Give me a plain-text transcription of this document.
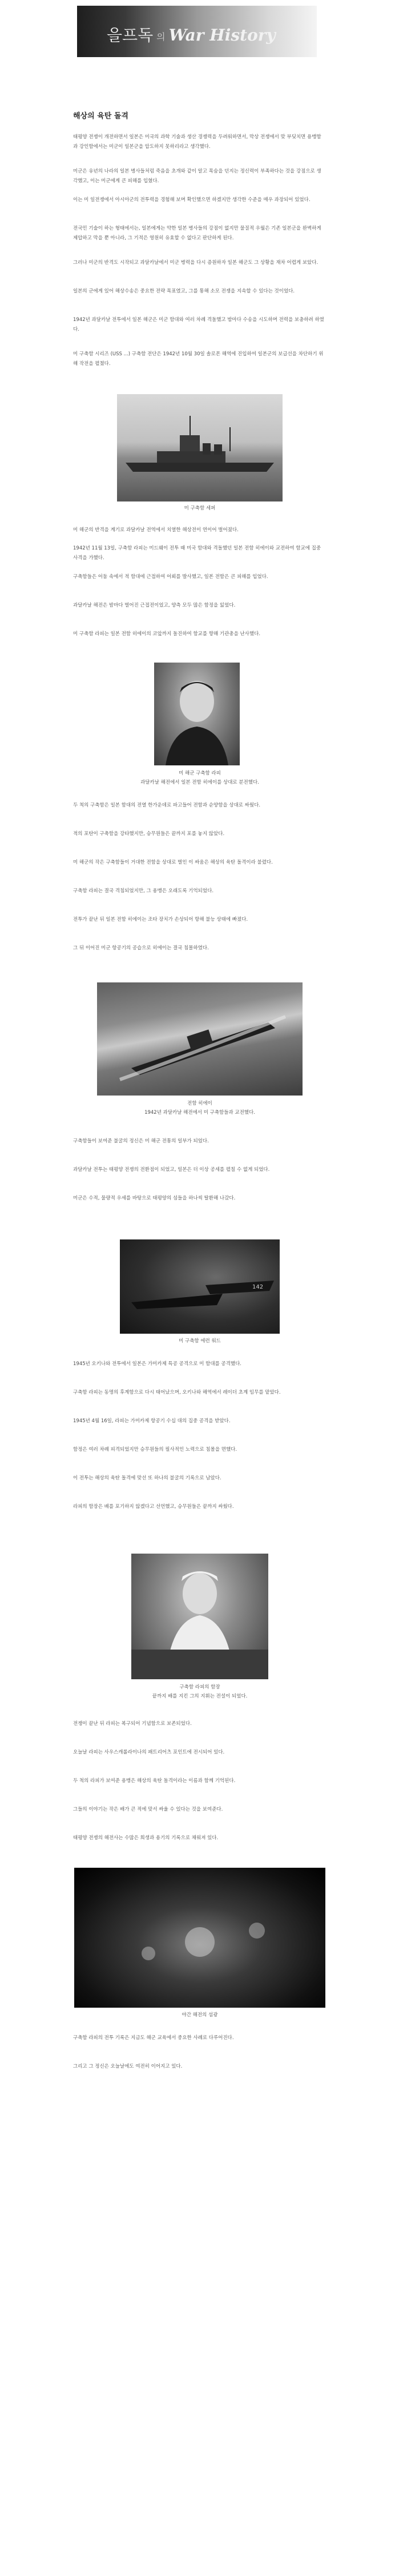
을프독 의 War History
해상의 육탄 돌격

태평양 전쟁이 개전하면서 일본은 미국의 과학 기술과 생산 경쟁력을 두려워하면서, 막상 전쟁에서 맞 부딪치면 용맹함과 강인함에서는 미군이 일본군을 압도하지 못하리라고 생각했다.

미군은 유년의 나라의 일본 병사들처럼 죽음을 초개와 같이 알고 목숨을 던지는 정신력이 부족하다는 것을 강점으로 생각했고, 이는 미군에게 큰 피해를 입혔다.

이는 미 일전쟁에서 아시아군의 전투력을 경험해 보며 확인했으면 하겠지만 생각한 수준을 매우 과장되어 있었다.

전국민 기술이 하는 형태에서는, 일본에게는 약한 일본 병사들의 강점이 없지만 물질적 우월은 기존 일본군을 완벽하게 제압하고 막을 뿐 아니라, 그 기적은 영원히 유효할 수 없다고 판단하게 된다.

그러나 미군의 반격도 시작되고 과달카날에서 미군 병력을 다시 증원하자 일본 해군도 그 상황을 재차 어렵게 보았다.

일본의 군에게 있어 해상수송은 중요한 전략 목표였고, 그를 통해 소모 전쟁을 지속할 수 있다는 것이었다.

1942년 과달카날 전투에서 일본 해군은 미군 함대와 여러 차례 격돌했고 밤마다 수송을 시도하며 전력을 보충하려 하였다.

미 구축함 시리즈 (USS ...) 구축함 전단은 1942년 10월 30일 솔로몬 해역에 진입하여 일본군의 보급선을 차단하기 위해 작전을 펼쳤다.

미 구축함 세퍼

미 해군의 반격을 계기로 과달카날 전역에서 치열한 해상전이 연이어 벌어졌다.

1942년 11월 13일, 구축함 라피는 미드웨이 전투 때 미국 함대와 격돌했던 일본 전함 히에이와 교전하여 함교에 집중 사격을 가했다.

구축함들은 어둠 속에서 적 함대에 근접하여 어뢰를 발사했고, 일본 전함은 큰 피해를 입었다.

과달카날 해전은 밤마다 벌어진 근접전이었고, 양측 모두 많은 함정을 잃었다.

미 구축함 라피는 일본 전함 히에이의 코앞까지 돌진하여 함교를 향해 기관총을 난사했다.

미 해군 구축함 라피

과달카날 해전에서 일본 전함 히에이를 상대로 분전했다.

두 척의 구축함은 일본 함대의 전열 한가운데로 파고들어 전함과 순양함을 상대로 싸웠다.

적의 포탄이 구축함을 강타했지만, 승무원들은 끝까지 포를 놓지 않았다.

미 해군의 작은 구축함들이 거대한 전함을 상대로 벌인 이 싸움은 해상의 육탄 돌격이라 불렸다.

구축함 라피는 결국 격침되었지만, 그 용맹은 오래도록 기억되었다.

전투가 끝난 뒤 일본 전함 히에이는 조타 장치가 손상되어 항해 불능 상태에 빠졌다.

그 뒤 이어진 미군 항공기의 공습으로 히에이는 결국 침몰하였다.

전함 히에이

1942년 과달카날 해전에서 미 구축함들과 교전했다.

구축함들이 보여준 불굴의 정신은 미 해군 전통의 일부가 되었다.

과달카날 전투는 태평양 전쟁의 전환점이 되었고, 일본은 더 이상 공세를 펼칠 수 없게 되었다.

미군은 수적, 물량적 우세를 바탕으로 태평양의 섬들을 하나씩 탈환해 나갔다.

142

미 구축함 에런 워드

1945년 오키나와 전투에서 일본은 가미카제 특공 공격으로 미 함대를 공격했다.

구축함 라피는 동명의 후계함으로 다시 태어났으며, 오키나와 해역에서 레이더 초계 임무를 맡았다.

1945년 4월 16일, 라피는 가미카제 항공기 수십 대의 집중 공격을 받았다.

함정은 여러 차례 피격되었지만 승무원들의 필사적인 노력으로 침몰을 면했다.

이 전투는 해상의 육탄 돌격에 맞선 또 하나의 불굴의 기록으로 남았다.

라피의 함장은 배를 포기하지 않겠다고 선언했고, 승무원들은 끝까지 싸웠다.

구축함 라피의 함장

끝까지 배를 지킨 그의 지휘는 전설이 되었다.

전쟁이 끝난 뒤 라피는 복구되어 기념함으로 보존되었다.

오늘날 라피는 사우스캐롤라이나의 패트리어츠 포인트에 전시되어 있다.

두 척의 라피가 보여준 용맹은 해상의 육탄 돌격이라는 이름과 함께 기억된다.

그들의 이야기는 작은 배가 큰 적에 맞서 싸울 수 있다는 것을 보여준다.

태평양 전쟁의 해전사는 수많은 희생과 용기의 기록으로 채워져 있다.

야간 해전의 섬광

구축함 라피의 전투 기록은 지금도 해군 교육에서 중요한 사례로 다루어진다.

그리고 그 정신은 오늘날에도 여전히 이어지고 있다.
